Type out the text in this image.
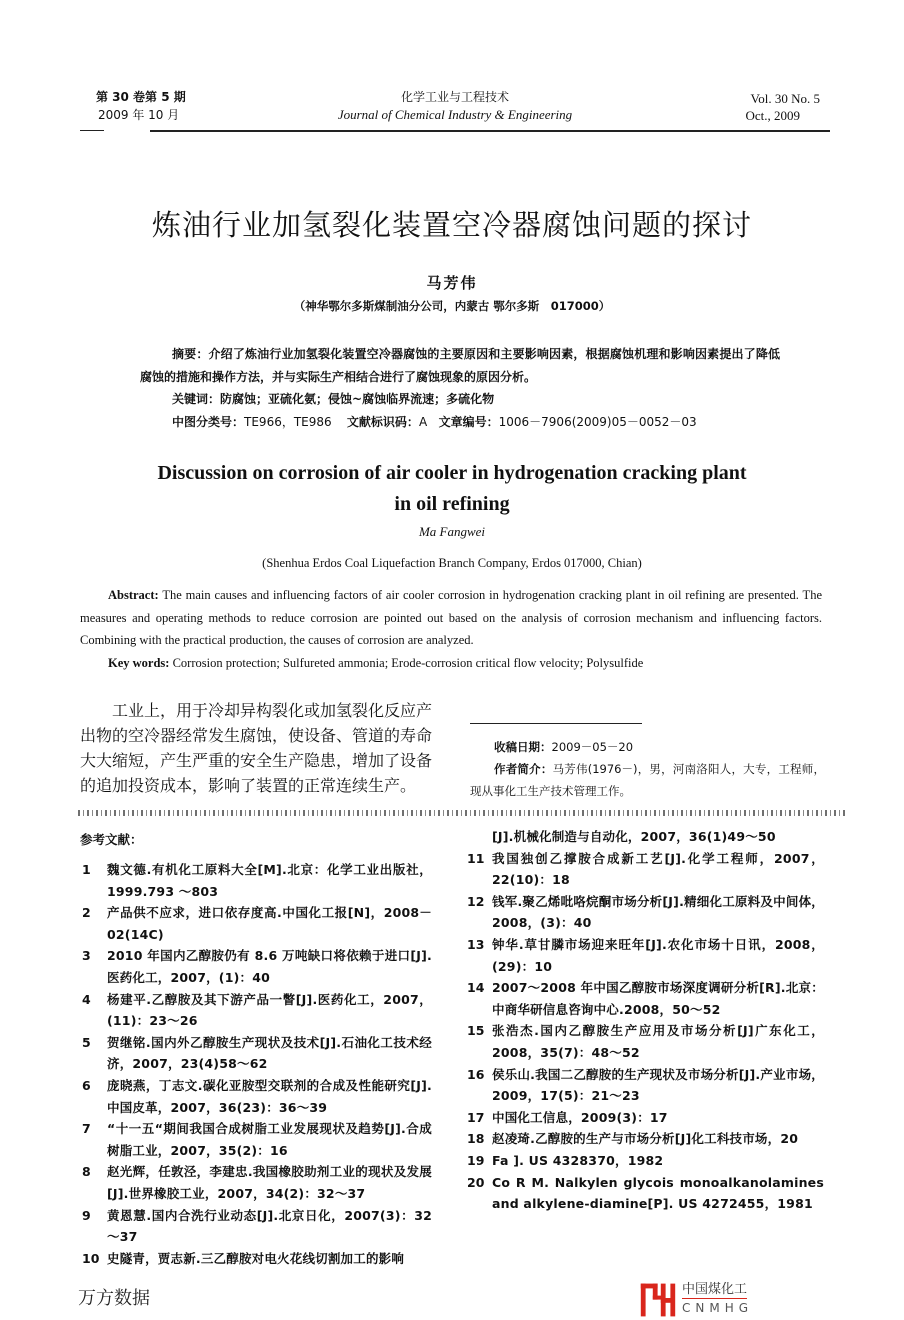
第 30 卷第 5 期
2009 年 10 月
化学工业与工程技术
Journal of Chemical Industry & Engineering
Vol. 30 No. 5
Oct., 2009
炼油行业加氢裂化装置空冷器腐蚀问题的探讨
马芳伟
（神华鄂尔多斯煤制油分公司，内蒙古 鄂尔多斯　017000）
摘要：介绍了炼油行业加氢裂化装置空冷器腐蚀的主要原因和主要影响因素，根据腐蚀机理和影响因素提出了降低腐蚀的措施和操作方法，并与实际生产相结合进行了腐蚀现象的原因分析。
关键词：防腐蚀；亚硫化氨；侵蚀~腐蚀临界流速；多硫化物
中图分类号：TE966，TE986 文献标识码：A 文章编号：1006－7906(2009)05－0052－03
Discussion on corrosion of air cooler in hydrogenation cracking plant
in oil refining
Ma Fangwei
(Shenhua Erdos Coal Liquefaction Branch Company, Erdos 017000, Chian)
Abstract: The main causes and influencing factors of air cooler corrosion in hydrogenation cracking plant in oil refining are presented. The measures and operating methods to reduce corrosion are pointed out based on the analysis of corrosion mechanism and influencing factors. Combining with the practical production, the causes of corrosion are analyzed.
Key words: Corrosion protection; Sulfureted ammonia; Erode-corrosion critical flow velocity; Polysulfide
工业上，用于冷却异构裂化或加氢裂化反应产出物的空冷器经常发生腐蚀，使设备、管道的寿命大大缩短，产生严重的安全生产隐患，增加了设备的追加投资成本，影响了装置的正常连续生产。
收稿日期：2009－05－20
作者简介：马芳伟(1976－)，男，河南洛阳人，大专，工程师，现从事化工生产技术管理工作。
参考文献：
1	魏文德.有机化工原料大全[M].北京：化学工业出版社，1999.793 ～803
2	产品供不应求，进口依存度高.中国化工报[N]，2008－02(14C)
3	2010 年国内乙醇胺仍有 8.6 万吨缺口将依赖于进口[J].医药化工，2007，(1)：40
4	杨建平.乙醇胺及其下游产品一瞥[J].医药化工，2007，(11)：23～26
5	贺继铭.国内外乙醇胺生产现状及技术[J].石油化工技术经济，2007，23(4)58～62
6	庞晓燕，丁志文.碳化亚胺型交联剂的合成及性能研究[J].中国皮革，2007，36(23)：36～39
7	“十一五“期间我国合成树脂工业发展现状及趋势[J].合成树脂工业，2007，35(2)：16
8	赵光辉，任敦泾，李建忠.我国橡胶助剂工业的现状及发展[J].世界橡胶工业，2007，34(2)：32～37
9	黄恩慧.国内合洗行业动态[J].北京日化，2007(3)：32～37
10 史隧青，贾志新.三乙醇胺对电火花线切割加工的影响
[J].机械化制造与自动化，2007，36(1)49～50
11 我国独创乙撑胺合成新工艺[J].化学工程师，2007，22(10)：18
12 钱军.聚乙烯吡咯烷酮市场分析[J].精细化工原料及中间体，2008，(3)：40
13 钟华.草甘膦市场迎来旺年[J].农化市场十日讯，2008，(29)：10
14 2007～2008 年中国乙醇胺市场深度调研分析[R].北京：中商华研信息咨询中心.2008，50～52
15 张浩杰.国内乙醇胺生产应用及市场分析[J]广东化工，2008，35(7)：48～52
16 侯乐山.我国二乙醇胺的生产现状及市场分析[J].产业市场，2009，17(5)：21～23
17 中国化工信息，2009(3)：17
18 赵凌琦.乙醇胺的生产与市场分析[J]化工科技市场，20
19 Fa ]. US 4328370，1982
20 Co R M. Nalkylen glycois monoalkanolamines and alkylene-diamine[P]. US 4272455，1981
中国煤化工
CNMHG
万方数据
